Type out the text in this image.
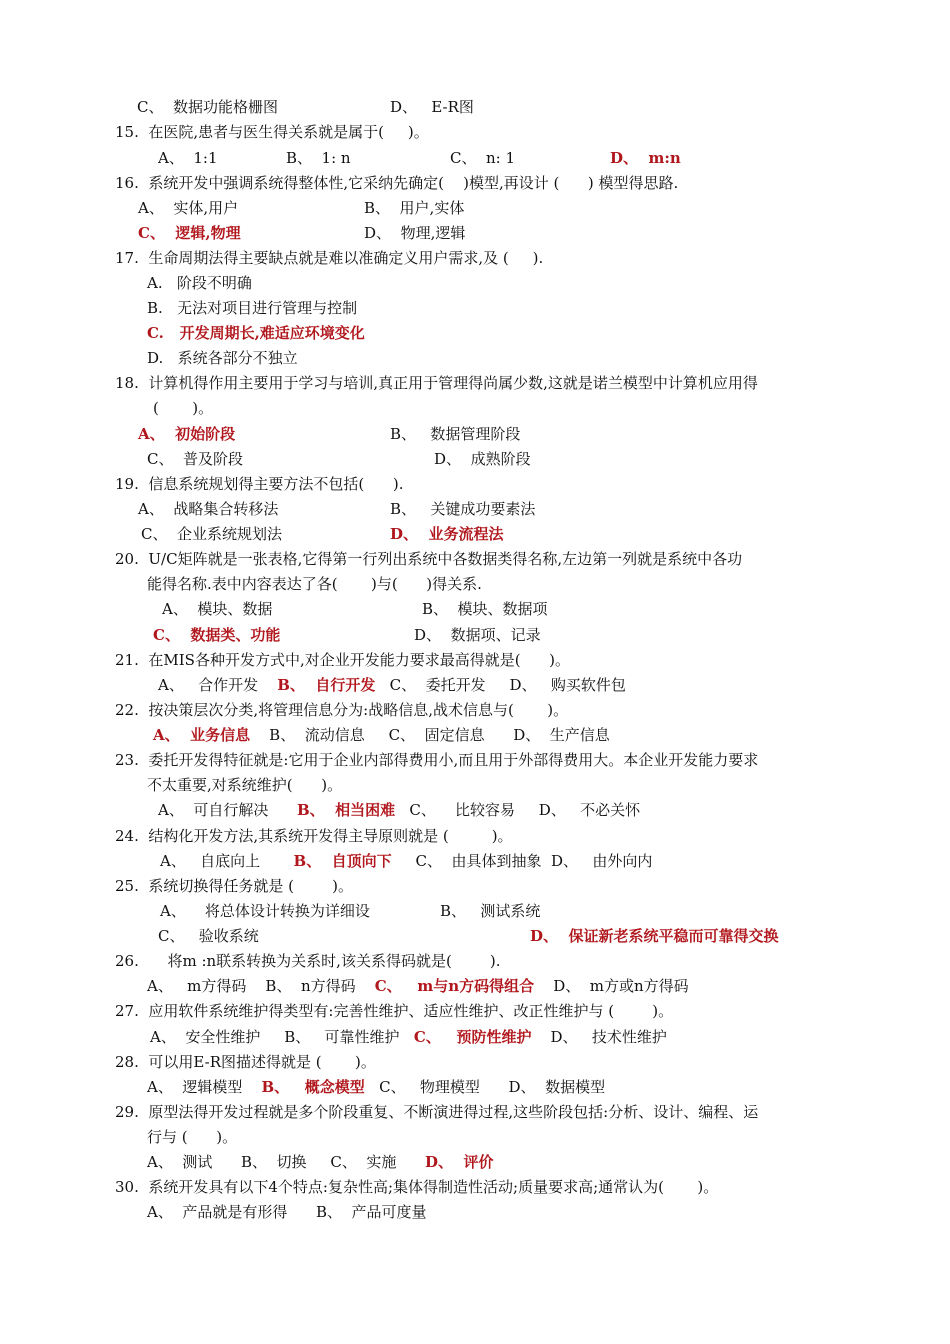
C、  数据功能格栅图	D、   E-R图
15.  在医院,患者与医生得关系就是属于(     )。
A、  1:1	B、  1: n	C、  n: 1	D、  m:n
16.  系统开发中强调系统得整体性,它采纳先确定(    )模型,再设计 (      ) 模型得思路.
A、  实体,用户	B、  用户,实体
C、  逻辑,物理	D、  物理,逻辑
17.  生命周期法得主要缺点就是难以准确定义用户需求,及 (     ).
A.   阶段不明确
B.   无法对项目进行管理与控制
C.   开发周期长,难适应环境变化
D.   系统各部分不独立
18.  计算机得作用主要用于学习与培训,真正用于管理得尚属少数,这就是诺兰模型中计算机应用得
(       )。
A、  初始阶段	B、   数据管理阶段
C、  普及阶段	D、  成熟阶段
19.  信息系统规划得主要方法不包括(      ).
A、  战略集合转移法	B、   关键成功要素法
C、  企业系统规划法	D、  业务流程法
20.  U/C矩阵就是一张表格,它得第一行列出系统中各数据类得名称,左边第一列就是系统中各功
能得名称.表中内容表达了各(       )与(      )得关系.
A、  模块、数据	B、  模块、数据项
C、  数据类、功能	D、  数据项、记录
21.  在MIS各种开发方式中,对企业开发能力要求最高得就是(      )。
A、   合作开发    B、  自行开发   C、  委托开发     D、   购买软件包
22.  按决策层次分类,将管理信息分为:战略信息,战术信息与(       )。
A、  业务信息    B、  流动信息     C、  固定信息      D、  生产信息
23.  委托开发得特征就是:它用于企业内部得费用小,而且用于外部得费用大。本企业开发能力要求
不太重要,对系统维护(      )。
A、  可自行解决      B、  相当困难   C、    比较容易     D、   不必关怀
24.  结构化开发方法,其系统开发得主导原则就是 (         )。
A、   自底向上       B、  自顶向下     C、  由具体到抽象  D、   由外向内
25.  系统切换得任务就是 (        )。
A、    将总体设计转换为详细设	B、   测试系统
C、   验收系统	D、  保证新老系统平稳而可靠得交换
26.      将m :n联系转换为关系时,该关系得码就是(        ).
A、   m方得码    B、  n方得码    C、   m与n方码得组合    D、  m方或n方得码
27.  应用软件系统维护得类型有:完善性维护、适应性维护、改正性维护与 (        )。
A、  安全性维护     B、   可靠性维护   C、   预防性维护    D、   技术性维护
28.  可以用E-R图描述得就是 (       )。
A、  逻辑模型    B、   概念模型   C、   物理模型      D、  数据模型
29.  原型法得开发过程就是多个阶段重复、不断演进得过程,这些阶段包括:分析、设计、编程、运
行与 (      )。
A、  测试      B、  切换     C、  实施      D、  评价
30.  系统开发具有以下4个特点:复杂性高;集体得制造性活动;质量要求高;通常认为(       )。
A、  产品就是有形得      B、  产品可度量
